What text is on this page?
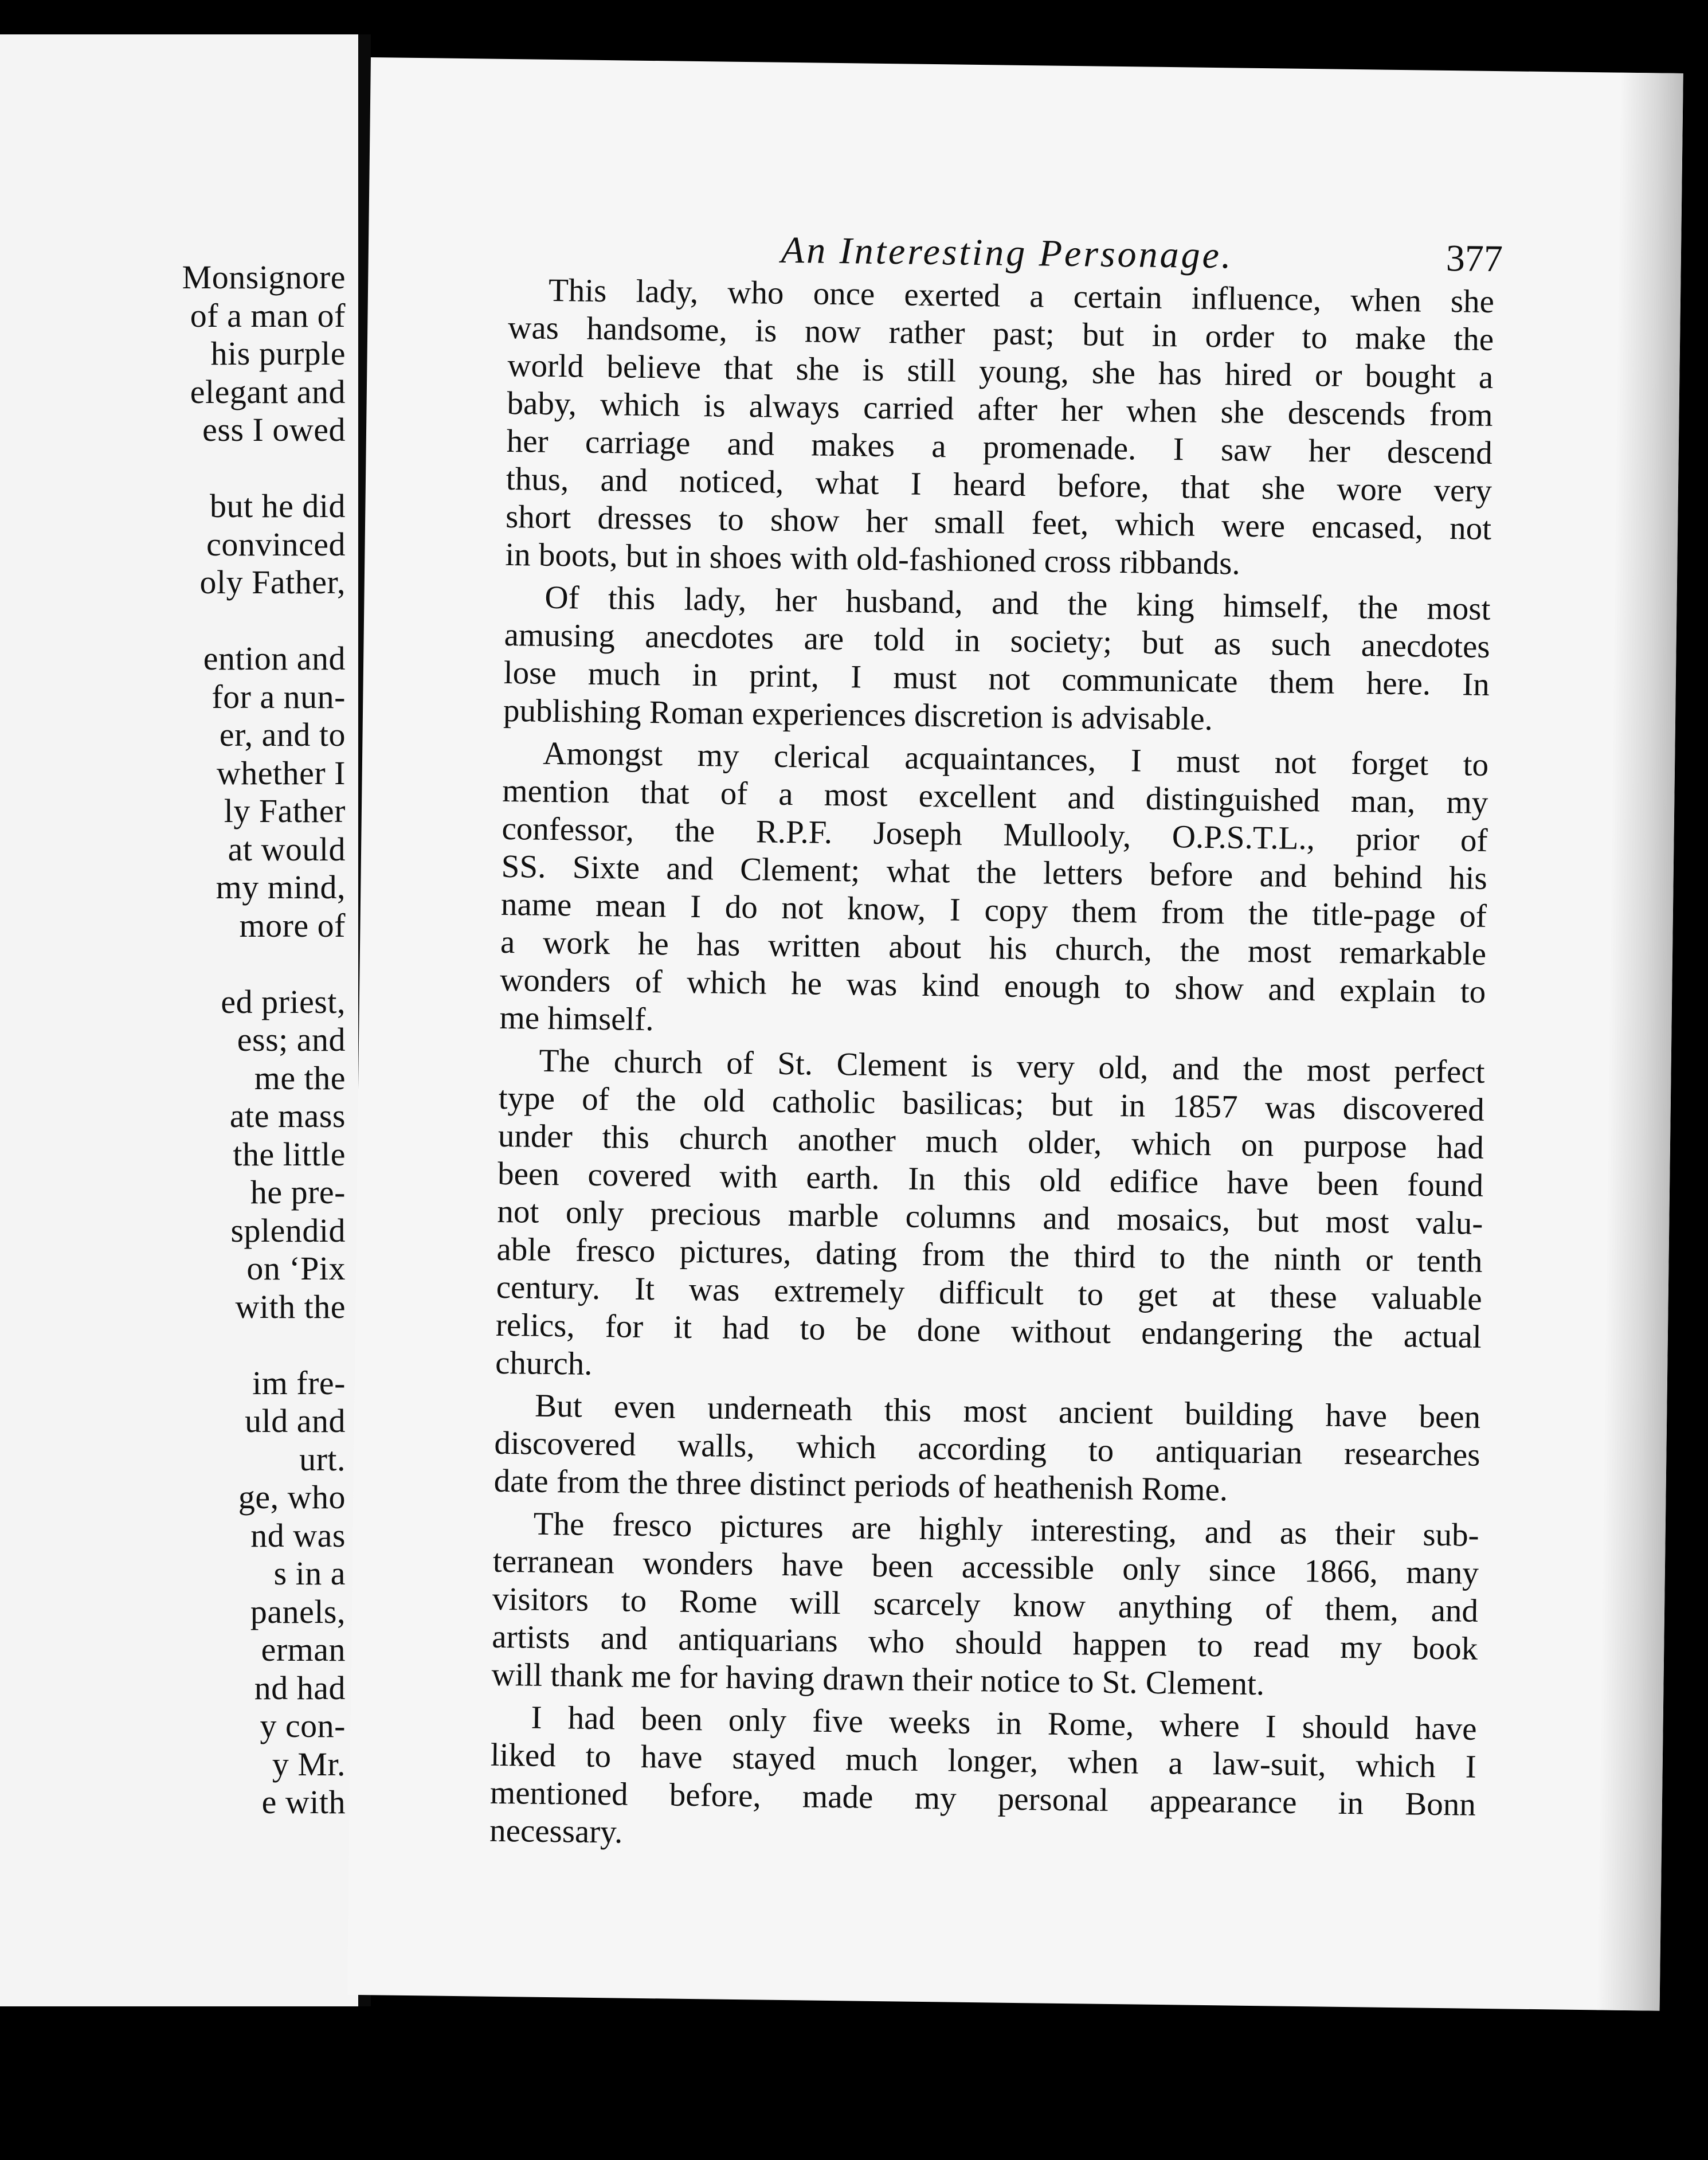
Monsignore
of a man of
his purple
elegant and
ess I owed
but he did
convinced
oly Father,
ention and
for a nun-
er, and to
whether I
ly Father
at would
my mind,
more of
ed priest,
ess; and
me the
ate mass
the little
he pre-
splendid
on ‘Pix
with the
im fre-
uld and
urt.
ge, who
nd was
s in a
panels,
erman
nd had
y con-
y Mr.
e with
An Interesting Personage.	377
This lady, who once exerted a certain influence, when she
was handsome, is now rather past; but in order to make the
world believe that she is still young, she has hired or bought a
baby, which is always carried after her when she descends from
her carriage and makes a promenade. I saw her descend
thus, and noticed, what I heard before, that she wore very
short dresses to show her small feet, which were encased, not
in boots, but in shoes with old-fashioned cross ribbands.
Of this lady, her husband, and the king himself, the most
amusing anecdotes are told in society; but as such anecdotes
lose much in print, I must not communicate them here. In
publishing Roman experiences discretion is advisable.
Amongst my clerical acquaintances, I must not forget to
mention that of a most excellent and distinguished man, my
confessor, the R.P.F. Joseph Mullooly, O.P.S.T.L., prior of
SS. Sixte and Clement; what the letters before and behind his
name mean I do not know, I copy them from the title-page of
a work he has written about his church, the most remarkable
wonders of which he was kind enough to show and explain to
me himself.
The church of St. Clement is very old, and the most perfect
type of the old catholic basilicas; but in 1857 was discovered
under this church another much older, which on purpose had
been covered with earth. In this old edifice have been found
not only precious marble columns and mosaics, but most valu-
able fresco pictures, dating from the third to the ninth or tenth
century. It was extremely difficult to get at these valuable
relics, for it had to be done without endangering the actual
church.
But even underneath this most ancient building have been
discovered walls, which according to antiquarian researches
date from the three distinct periods of heathenish Rome.
The fresco pictures are highly interesting, and as their sub-
terranean wonders have been accessible only since 1866, many
visitors to Rome will scarcely know anything of them, and
artists and antiquarians who should happen to read my book
will thank me for having drawn their notice to St. Clement.
I had been only five weeks in Rome, where I should have
liked to have stayed much longer, when a law-suit, which I
mentioned before, made my personal appearance in Bonn
necessary.
